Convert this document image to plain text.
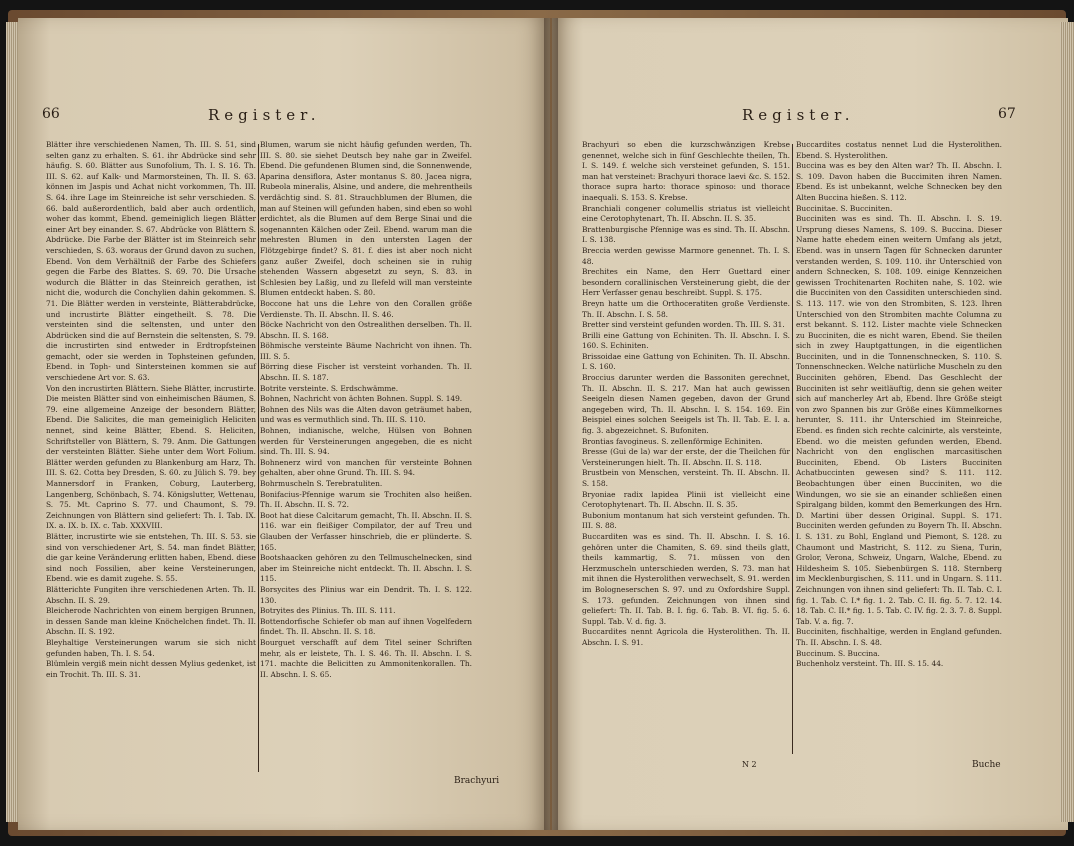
66	Register.

Blätter ihre verschiedenen Namen, Th. III. S. 51, sind selten ganz zu erhalten. S. 61. ihr Abdrücke sind sehr häufig. S. 60. Blätter aus Sunofolium, Th. I. S. 16. Th. III. S. 62. auf Kalk- und Marmorsteinen, Th. II. S. 63. können im Jaspis und Achat nicht vorkommen, Th. III. S. 64. ihre Lage im Steinreiche ist sehr verschieden. S. 66. bald außerordentlich, bald aber auch ordentlich, woher das kommt, Ebend. gemeiniglich liegen Blätter einer Art bey einander. S. 67. Abdrücke von Blättern S. Abdrücke. Die Farbe der Blätter ist im Steinreich sehr verschieden, S. 63. woraus der Grund davon zu suchen, Ebend. Von dem Verhältniß der Farbe des Schiefers gegen die Farbe des Blattes. S. 69. 70. Die Ursache wodurch die Blätter in das Steinreich gerathen, ist nicht die, wodurch die Conchylien dahin gekommen. S. 71. Die Blätter werden in versteinte, Blätterabdrücke, und incrustirte Blätter eingetheilt. S. 78. Die versteinten sind die seltensten, und unter den Abdrücken sind die auf Bernstein die seltensten, S. 79. die incrustirten sind entweder in Erdtropfsteinen gemacht, oder sie werden in Tophsteinen gefunden, Ebend. in Toph- und Sintersteinen kommen sie auf verschiedene Art vor. S. 63.

Von den incrustirten Blättern. Siehe Blätter, incrustirte. Die meisten Blätter sind von einheimischen Bäumen, S. 79. eine allgemeine Anzeige der besondern Blätter, Ebend. Die Salicites, die man gemeiniglich Heliciten nennet, sind keine Blätter, Ebend. S. Heliciten, Schriftsteller von Blättern, S. 79. Anm. Die Gattungen der versteinten Blätter. Siehe unter dem Wort Folium. Blätter werden gefunden zu Blankenburg am Harz, Th. III. S. 62. Cotta bey Dresden, S. 60. zu Jülich S. 79. bey Mannersdorf in Franken, Coburg, Lauterberg, Langenberg, Schönbach, S. 74. Königslutter, Wettenau, S. 75. Mt. Caprino S. 77. und Chaumont, S. 79. Zeichnungen von Blättern sind geliefert: Th. I. Tab. IX. IX. a. IX. b. IX. c. Tab. XXXVIII.

Blätter, incrustirte wie sie entstehen, Th. III. S. 53. sie sind von verschiedener Art, S. 54. man findet Blätter, die gar keine Veränderung erlitten haben, Ebend. diese sind noch Fossilien, aber keine Versteinerungen, Ebend. wie es damit zugehe. S. 55.

Blätterichte Fungiten ihre verschiedenen Arten. Th. II. Abschn. II. S. 29.

Bleicherode Nachrichten von einem bergigen Brunnen, in dessen Sande man kleine Knöchelchen findet. Th. II. Abschn. II. S. 192.

Bleyhaltige Versteinerungen warum sie sich nicht gefunden haben, Th. I. S. 54.

Blümlein vergiß mein nicht dessen Mylius gedenket, ist ein Trochit. Th. III. S. 31.

Blumen, warum sie nicht häufig gefunden werden, Th. III. S. 80. sie siehet Deutsch bey nahe gar in Zweifel. Ebend. Die gefundenen Blumen sind, die Sonnenwende, Aparina densiflora, Aster montanus S. 80. Jacea nigra, Rubeola mineralis, Alsine, und andere, die mehrentheils verdächtig sind. S. 81. Strauchblumen der Blumen, die man auf Steinen will gefunden haben, sind eben so wohl erdichtet, als die Blumen auf dem Berge Sinai und die sogenannten Kälchen oder Zeil. Ebend. warum man die mehresten Blumen in den untersten Lagen der Flötzgebirge findet? S. 81. f. dies ist aber noch nicht ganz außer Zweifel, doch scheinen sie in ruhig stehenden Wassern abgesetzt zu seyn, S. 83. in Schlesien bey Laßig, und zu Ilefeld will man versteinte Blumen entdeckt haben. S. 80.

Boccone hat uns die Lehre von den Corallen größe Verdienste. Th. II. Abschn. II. S. 46.

Böcke Nachricht von den Ostrealithen derselben. Th. II. Abschn. II. S. 168.

Böhmische versteinte Bäume Nachricht von ihnen. Th. III. S. 5.

Börring diese Fischer ist versteint vorhanden. Th. II. Abschn. II. S. 187.

Botrite versteinte. S. Erdschwämme.

Bohnen, Nachricht von ächten Bohnen. Suppl. S. 149.

Bohnen des Nils was die Alten davon geträumet haben, und was es vermuthlich sind. Th. III. S. 110.

Bohnen, indianische, welche, Hülsen von Bohnen werden für Versteinerungen angegeben, die es nicht sind. Th. III. S. 94.

Bohnenerz wird von manchen für versteinte Bohnen gehalten, aber ohne Grund. Th. III. S. 94.

Bohrmuscheln S. Terebratuliten.

Bonifacius-Pfennige warum sie Trochiten also heißen. Th. II. Abschn. II. S. 72.

Boot hat diese Calcitarum gemacht, Th. II. Abschn. II. S. 116. war ein fleißiger Compilator, der auf Treu und Glauben der Verfasser hinschrieb, die er plünderte. S. 165.

Bootshaacken gehören zu den Tellmuschelnecken, sind aber im Steinreiche nicht entdeckt. Th. II. Abschn. I. S. 115.

Borsycites des Plinius war ein Dendrit. Th. I. S. 122. 130.

Botryites des Plinius. Th. III. S. 111.

Bottendorfische Schiefer ob man auf ihnen Vogelfedern findet. Th. II. Abschn. II. S. 18.

Bourguet verschafft auf dem Titel seiner Schriften mehr, als er leistete, Th. I. S. 46. Th. II. Abschn. I. S. 171. machte die Belicitten zu Ammonitenkorallen. Th. II. Abschn. I. S. 65.

Brachyuri
Register.	67

Brachyuri so eben die kurzschwänzigen Krebse genennet, welche sich in fünf Geschlechte theilen, Th. I. S. 149. f. welche sich versteinet gefunden, S. 151. man hat versteinet: Brachyuri thorace laevi &c. S. 152. thorace supra harto: thorace spinoso: und thorace inaequali. S. 153. S. Krebse.

Branchiali congener columellis striatus ist vielleicht eine Cerotophytenart, Th. II. Abschn. II. S. 35.

Brattenburgische Pfennige was es sind. Th. II. Abschn. I. S. 138.

Breccia werden gewisse Marmore genennet. Th. I. S. 48.

Brechites ein Name, den Herr Guettard einer besondern corallinischen Versteinerung giebt, die der Herr Verfasser genau beschreibt. Suppl. S. 175.

Breyn hatte um die Orthoceratiten große Verdienste. Th. II. Abschn. I. S. 58.

Bretter sind versteint gefunden worden. Th. III. S. 31.

Brilli eine Gattung von Echiniten. Th. II. Abschn. I. S. 160. S. Echiniten.

Brissoidae eine Gattung von Echiniten. Th. II. Abschn. I. S. 160.

Broccius darunter werden die Bassoniten gerechnet, Th. II. Abschn. II. S. 217. Man hat auch gewissen Seeigeln diesen Namen gegeben, davon der Grund angegeben wird, Th. II. Abschn. I. S. 154. 169. Ein Beispiel eines solchen Seeigels ist Th. II. Tab. E. I. a. fig. 3. abgezeichnet. S. Bufoniten.

Brontias favogineus. S. zellenförmige Echiniten.

Bresse (Gui de la) war der erste, der die Theilchen für Versteinerungen hielt. Th. II. Abschn. II. S. 118.

Brustbein von Menschen, versteint. Th. II. Abschn. II. S. 158.

Bryoniae radix lapidea Plinii ist vielleicht eine Cerotophytenart. Th. II. Abschn. II. S. 35.

Bubonium montanum hat sich versteint gefunden. Th. III. S. 88.

Buccarditen was es sind. Th. II. Abschn. I. S. 16. gehören unter die Chamiten, S. 69. sind theils glatt, theils kammartig, S. 71. müssen von den Herzmuscheln unterschieden werden, S. 73. man hat mit ihnen die Hysterolithen verwechselt, S. 91. werden im Bologneserschen S. 97. und zu Oxfordshire Suppl. S. 173. gefunden. Zeichnungen von ihnen sind geliefert: Th. II. Tab. B. I. fig. 6. Tab. B. VI. fig. 5. 6. Suppl. Tab. V. d. fig. 3.

Buccardites nennt Agricola die Hysterolithen. Th. II. Abschn. I. S. 91.

Buccardites costatus nennet Lud die Hysterolithen. Ebend. S. Hysterolithen.

Buccina was es bey den Alten war? Th. II. Abschn. I. S. 109. Davon haben die Buccimiten ihren Namen. Ebend. Es ist unbekannt, welche Schnecken bey den Alten Buccina hießen. S. 112.

Buccinitae. S. Bucciniten.

Bucciniten was es sind. Th. II. Abschn. I. S. 19. Ursprung dieses Namens, S. 109. S. Buccina. Dieser Name hatte ehedem einen weitern Umfang als jetzt, Ebend. was in unsern Tagen für Schnecken darunter verstanden werden, S. 109. 110. ihr Unterschied von andern Schnecken, S. 108. 109. einige Kennzeichen gewissen Trochitenarten Rochiten nahe, S. 102. wie die Bucciniten von den Cassiditen unterschieden sind. S. 113. 117. wie von den Strombiten, S. 123. Ihren Unterschied von den Strombiten machte Columna zu erst bekannt. S. 112. Lister machte viele Schnecken zu Bucciniten, die es nicht waren, Ebend. Sie theilen sich in zwey Hauptgattungen, in die eigentlichen Bucciniten, und in die Tonnenschnecken, S. 110. S. Tonnenschnecken. Welche natürliche Muscheln zu den Bucciniten gehören, Ebend. Das Geschlecht der Bucciniten ist sehr weitläuftig, denn sie gehen weiter sich auf mancherley Art ab, Ebend. Ihre Größe steigt von zwo Spannen bis zur Größe eines Kümmelkornes herunter, S. 111. ihr Unterschied im Steinreiche, Ebend. es finden sich rechte calcinirte, als versteinte, Ebend. wo die meisten gefunden werden, Ebend. Nachricht von den englischen marcasitischen Bucciniten, Ebend. Ob Listers Bucciniten Achatbuccinten gewesen sind? S. 111. 112. Beobachtungen über einen Bucciniten, wo die Windungen, wo sie sie an einander schließen einen Spiralgang bilden, kommt den Bemerkungen des Hrn. D. Martini über dessen Original. Suppl. S. 171. Bucciniten werden gefunden zu Boyern Th. II. Abschn. I. S. 131. zu Bohl, England und Piemont, S. 128. zu Chaumont und Mastricht, S. 112. zu Siena, Turin, Grolor, Verona, Schweiz, Ungarn, Walche, Ebend. zu Hildesheim S. 105. Siebenbürgen S. 118. Sternberg im Mecklenburgischen, S. 111. und in Ungarn. S. 111. Zeichnungen von ihnen sind geliefert: Th. II. Tab. C. I. fig. 1. Tab. C. I.* fig. 1. 2. Tab. C. II. fig. 5. 7. 12. 14. 18. Tab. C. II.* fig. 1. 5. Tab. C. IV. fig. 2. 3. 7. 8. Suppl. Tab. V. a. fig. 7.

Bucciniten, fischhaltige, werden in England gefunden. Th. II. Abschn. I. S. 48.

Buccinum. S. Buccina.

Buchenholz versteint. Th. III. S. 15. 44.

N 2	Buche
